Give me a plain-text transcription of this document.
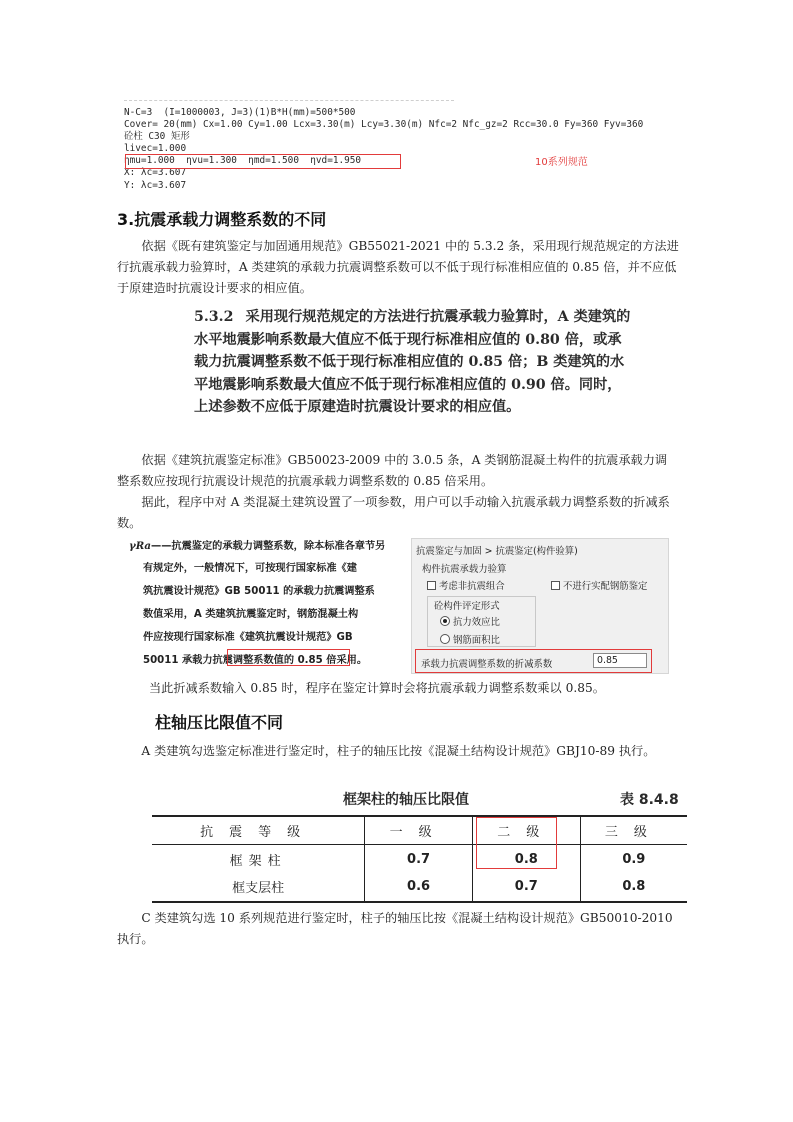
N-C=3  (I=1000003, J=3)(1)B*H(mm)=500*500
Cover= 20(mm) Cx=1.00 Cy=1.00 Lcx=3.30(m) Lcy=3.30(m) Nfc=2 Nfc_gz=2 Rcc=30.0 Fy=360 Fyv=360
砼柱 C30 矩形
livec=1.000
ηmu=1.000  ηvu=1.300  ηmd=1.500  ηvd=1.950
X: λc=3.607
Y: λc=3.607
10系列规范
3.抗震承载力调整系数的不同
依据《既有建筑鉴定与加固通用规范》GB55021-2021 中的 5.3.2 条，采用现行规范规定的方法进行抗震承载力验算时，A 类建筑的承载力抗震调整系数可以不低于现行标准相应值的 0.85 倍，并不应低于原建造时抗震设计要求的相应值。
5.3.2 采用现行规范规定的方法进行抗震承载力验算时，A 类建筑的水平地震影响系数最大值应不低于现行标准相应值的 0.80 倍，或承载力抗震调整系数不低于现行标准相应值的 0.85 倍；B 类建筑的水平地震影响系数最大值应不低于现行标准相应值的 0.90 倍。同时，上述参数不应低于原建造时抗震设计要求的相应值。
依据《建筑抗震鉴定标准》GB50023-2009 中的 3.0.5 条，A 类钢筋混凝土构件的抗震承载力调整系数应按现行抗震设计规范的抗震承载力调整系数的 0.85 倍采用。
据此，程序中对 A 类混凝土建筑设置了一项参数，用户可以手动输入抗震承载力调整系数的折减系数。
γRa——抗震鉴定的承载力调整系数，除本标准各章节另
有规定外，一般情况下，可按现行国家标准《建
筑抗震设计规范》GB 50011 的承载力抗震调整系
数值采用，A 类建筑抗震鉴定时，钢筋混凝土构
件应按现行国家标准《建筑抗震设计规范》GB
50011 承载力抗震调整系数值的 0.85 倍采用。
抗震鉴定与加固 > 抗震鉴定(构件验算)
构件抗震承载力验算
考虑非抗震组合	不进行实配钢筋鉴定
砼构件评定形式
抗力效应比
钢筋面积比
承载力抗震调整系数的折减系数
0.85
当此折减系数输入 0.85 时，程序在鉴定计算时会将抗震承载力调整系数乘以 0.85。
柱轴压比限值不同
A 类建筑勾选鉴定标准进行鉴定时，柱子的轴压比按《混凝土结构设计规范》GBJ10-89 执行。
框架柱的轴压比限值	表 8.4.8
抗震等级	一级	二级	三级
框架柱	0.7	0.8	0.9
框支层柱	0.6	0.7	0.8
C 类建筑勾选 10 系列规范进行鉴定时，柱子的轴压比按《混凝土结构设计规范》GB50010-2010 执行。
